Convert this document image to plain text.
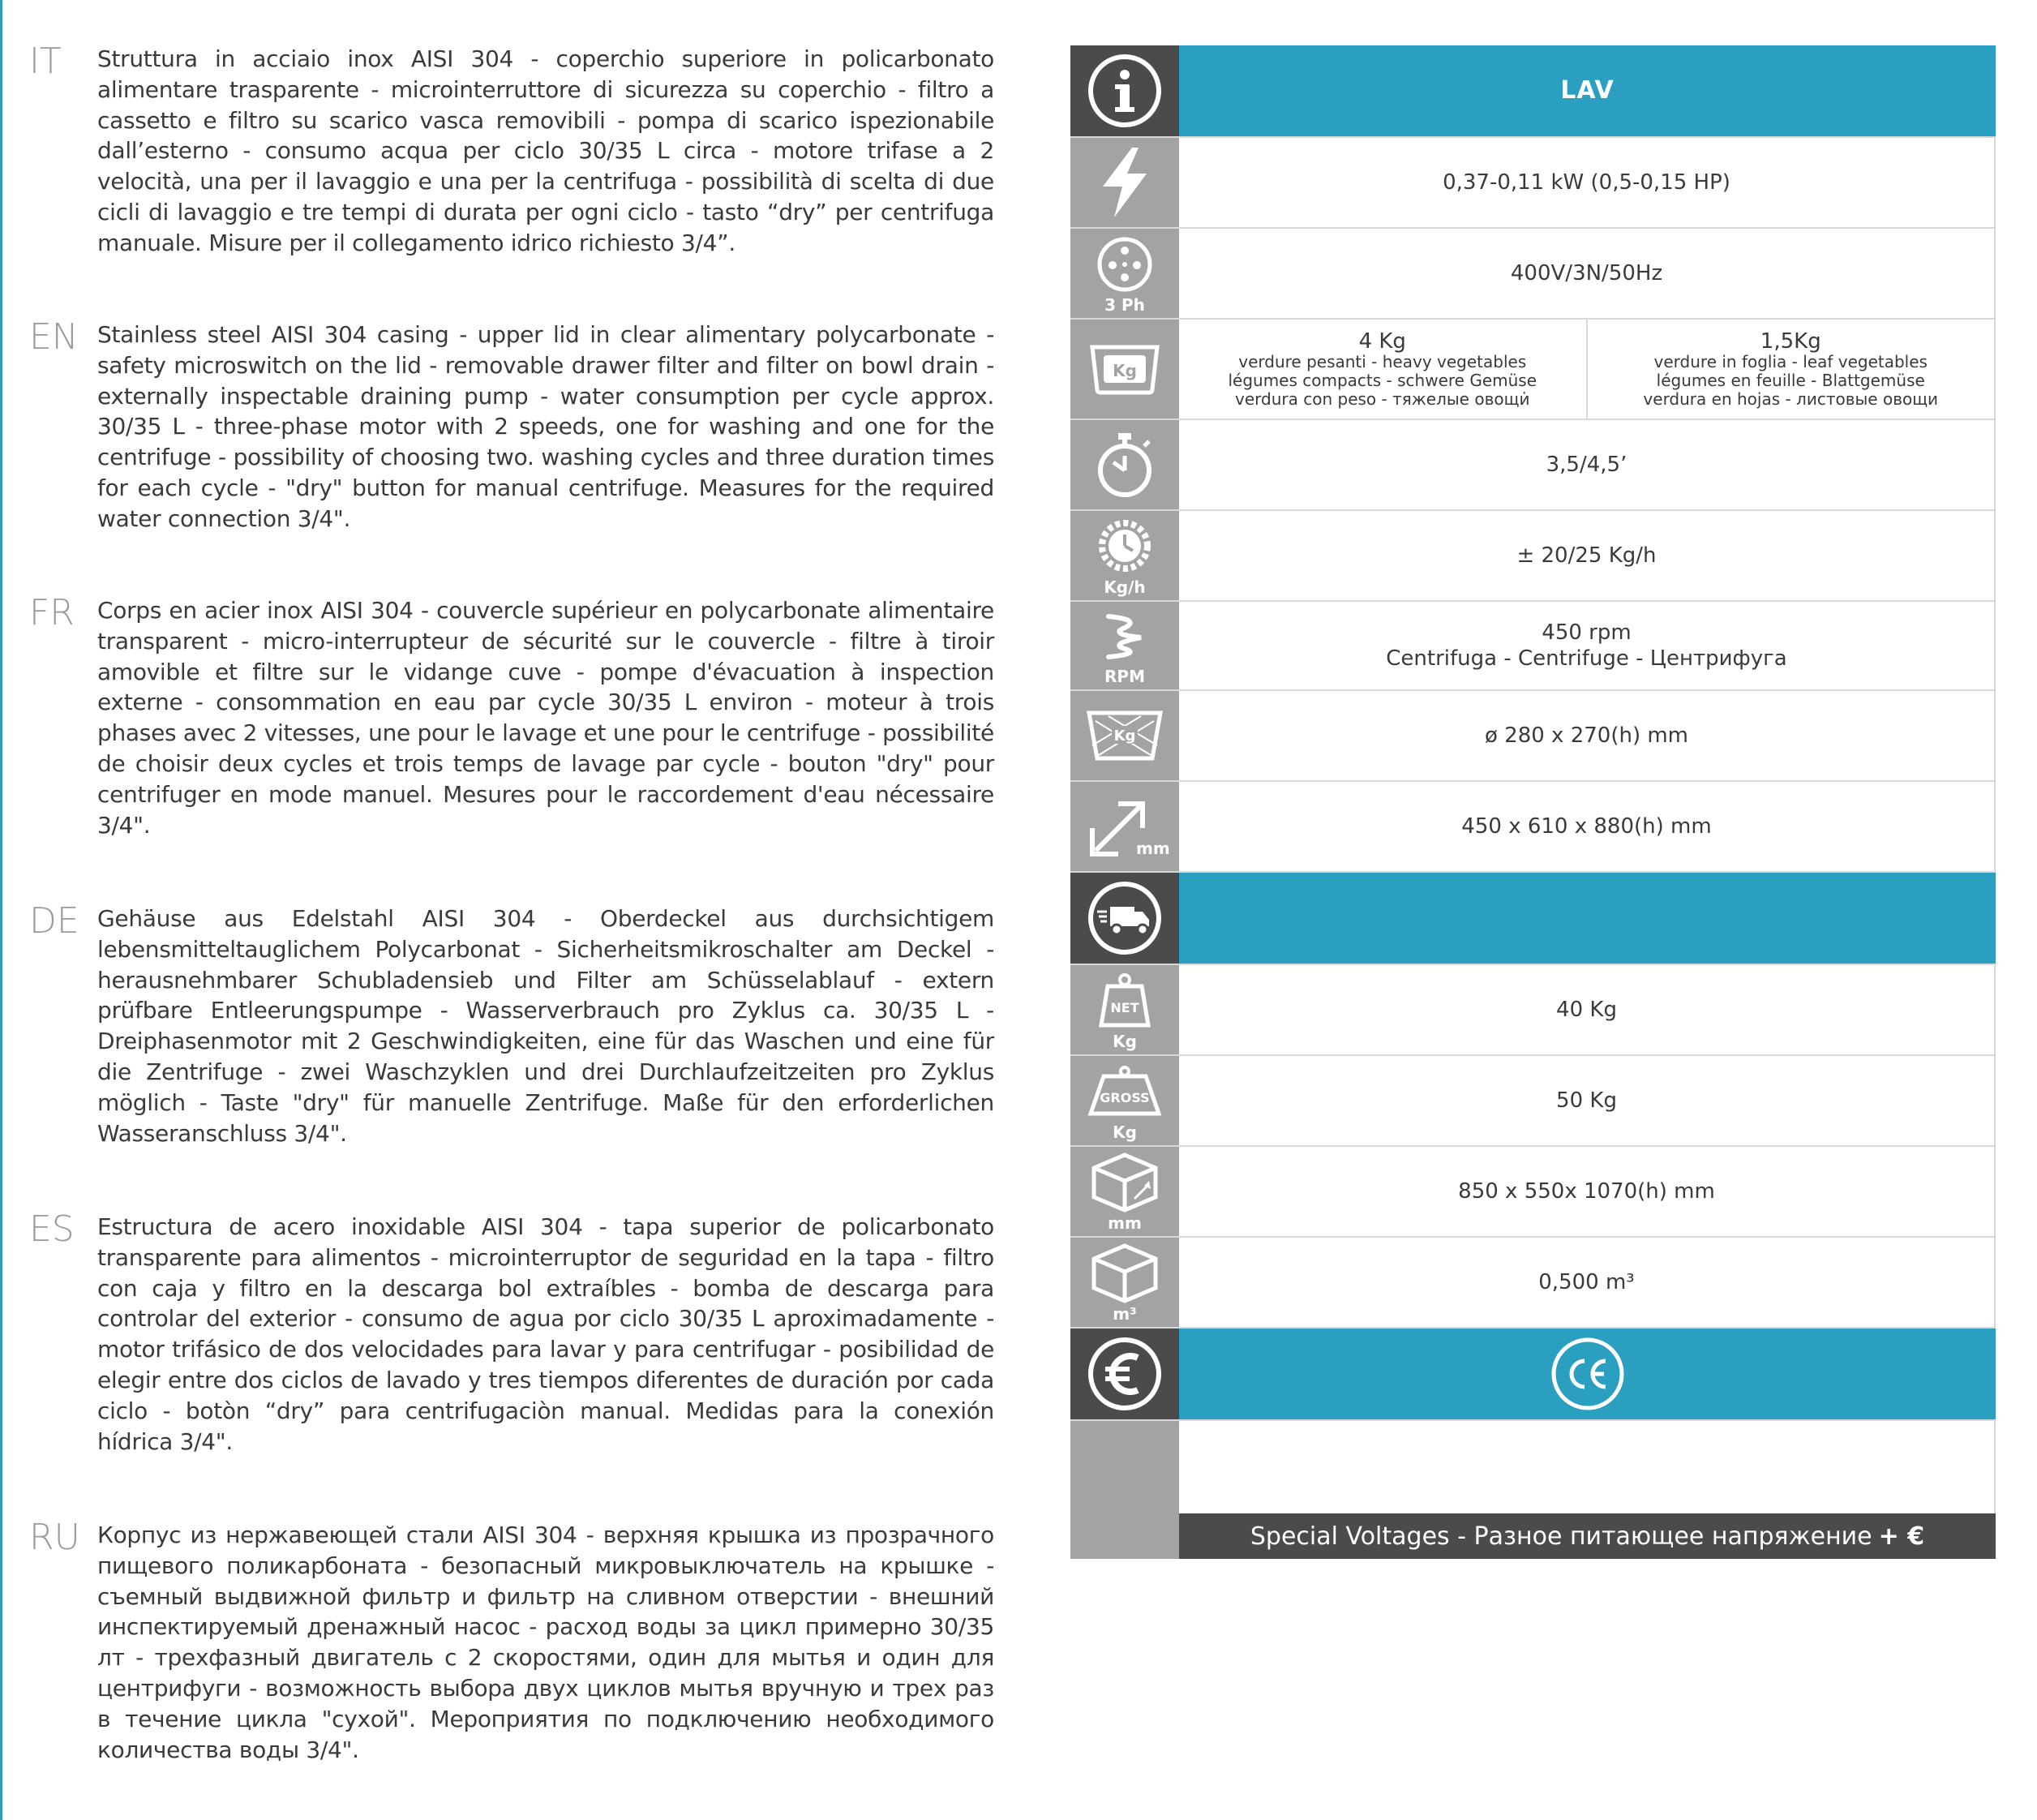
IT Struttura in acciaio inox AISI 304 - coperchio superiore in policarbonato alimentare trasparente - microinterruttore di sicurezza su coperchio - filtro a cassetto e filtro su scarico vasca removibili - pompa di scarico ispezionabile dall’esterno - consumo acqua per ciclo 30/35 L circa - motore trifase a 2 velocità, una per il lavaggio e una per la centrifuga - possibilità di scelta di due cicli di lavaggio e tre tempi di durata per ogni ciclo - tasto “dry” per centrifuga manuale. Misure per il collegamento idrico richiesto 3/4”.
EN Stainless steel AISI 304 casing - upper lid in clear alimentary polycarbonate - safety microswitch on the lid - removable drawer filter and filter on bowl drain - externally inspectable draining pump - water consumption per cycle approx. 30/35 L - three-phase motor with 2 speeds, one for washing and one for the centrifuge - possibility of choosing two. washing cycles and three duration times for each cycle - "dry" button for manual centrifuge. Measures for the required water connection 3/4".
FR Corps en acier inox AISI 304 - couvercle supérieur en polycarbonate alimentaire transparent - micro-interrupteur de sécurité sur le couvercle - filtre à tiroir amovible et filtre sur le vidange cuve - pompe d'évacuation à inspection externe - consommation en eau par cycle 30/35 L environ - moteur à trois phases avec 2 vitesses, une pour le lavage et une pour le centrifuge - possibilité de choisir deux cycles et trois temps de lavage par cycle - bouton "dry" pour centrifuger en mode manuel. Mesures pour le raccordement d'eau nécessaire 3/4".
DE Gehäuse aus Edelstahl AISI 304 - Oberdeckel aus durchsichtigem lebensmitteltauglichem Polycarbonat - Sicherheitsmikroschalter am Deckel - herausnehmbarer Schubladensieb und Filter am Schüsselablauf - extern prüfbare Entleerungspumpe - Wasserverbrauch pro Zyklus ca. 30/35 L - Dreiphasenmotor mit 2 Geschwindigkeiten, eine für das Waschen und eine für die Zentrifuge - zwei Waschzyklen und drei Durchlaufzeitzeiten pro Zyklus möglich - Taste "dry" für manuelle Zentrifuge. Maße für den erforderlichen Wasseranschluss 3/4".
ES Estructura de acero inoxidable AISI 304 - tapa superior de policarbonato transparente para alimentos - microinterruptor de seguridad en la tapa - filtro con caja y filtro en la descarga bol extraíbles - bomba de descarga para controlar del exterior - consumo de agua por ciclo 30/35 L aproximadamente - motor trifásico de dos velocidades para lavar y para centrifugar - posibilidad de elegir entre dos ciclos de lavado y tres tiempos diferentes de duración por cada ciclo - botòn “dry” para centrifugaciòn manual. Medidas para la conexión hídrica 3/4".
RU Корпус из нержавеющей стали AISI 304 - верхняя крышка из прозрачного пищевого поликарбоната - безопасный микровыключатель на крышке - съемный выдвижной фильтр и фильтр на сливном отверстии - внешний инспектируемый дренажный насос - расход воды за цикл примерно 30/35 лт - трехфазный двигатель с 2 скоростями, один для мытья и один для центрифуги - возможность выбора двух циклов мытья вручную и трех раз в течение цикла "сухой". Мероприятия по подключению необходимого количества воды 3/4".
LAV
0,37-0,11 kW (0,5-0,15 HP)
3 Ph
400V/3N/50Hz
Kg
4 Kg
verdure pesanti - heavy vegetables
légumes compacts - schwere Gemüse
verdura con peso - тяжелые овощи̇
1,5Kg
verdure in foglia - leaf vegetables
légumes en feuille - Blattgemüse
verdura en hojas - листовые овощи
3,5/4,5’
Kg/h
± 20/25 Kg/h
RPM
450 rpm
Centrifuga - Centrifuge - Центрифуга
Kg	ø 280 x 270(h) mm
mm
450 x 610 x 880(h) mm
NET
Kg
40 Kg
GROSS
Kg
50 Kg
mm
850 x 550x 1070(h) mm
m³
0,500 m³
Special Voltages - Разное питающее напряжение + €
